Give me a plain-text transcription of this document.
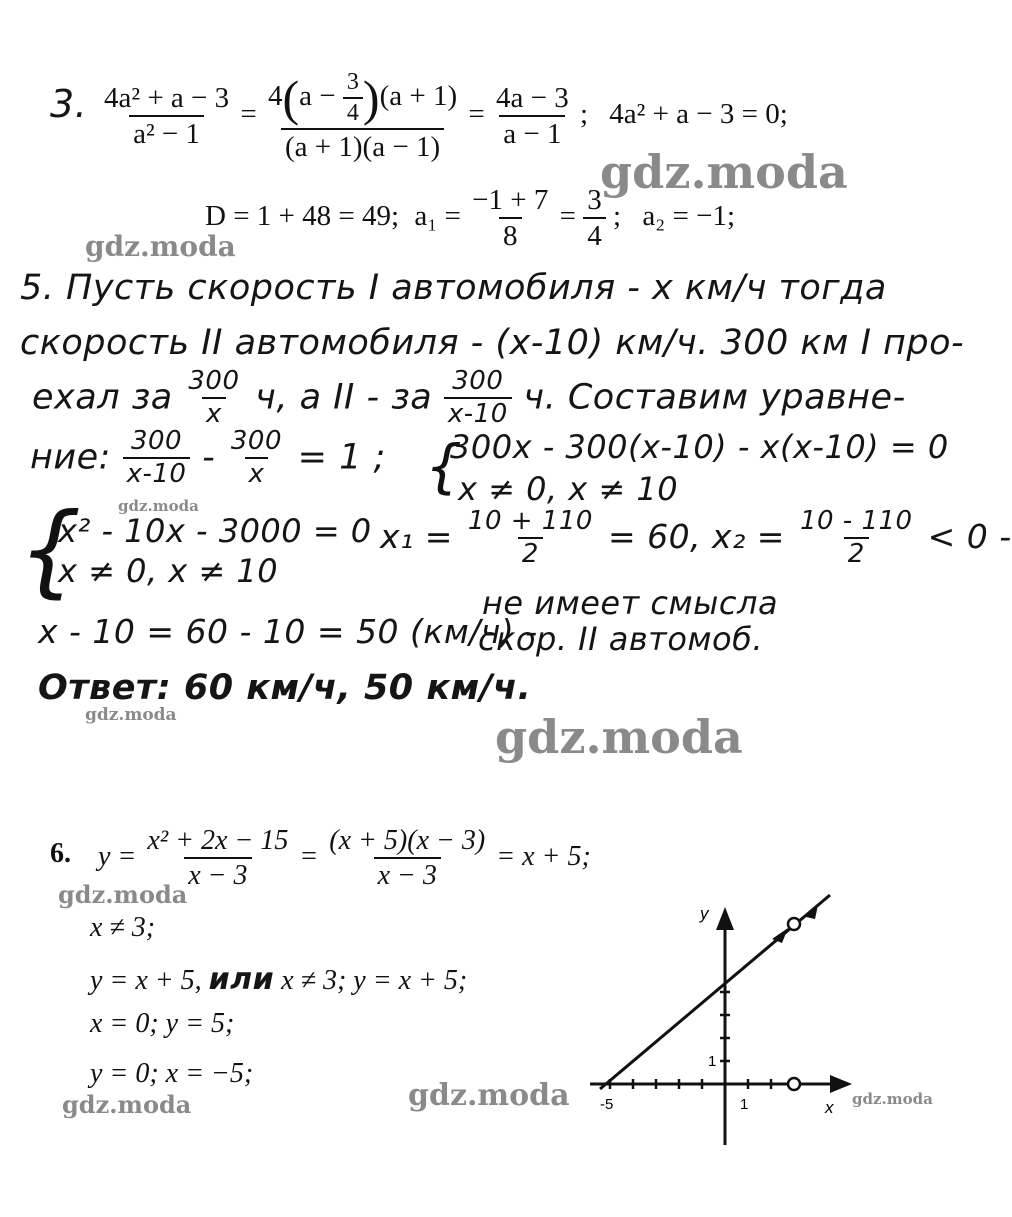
3. $\frac{\text{4a² + a − 3}}{\text{a² − 1}} = \frac{4(a - \frac{3}{4} )(a + 1)}{(a + 1)(a - 1)} = \frac{4a - 3}{a - 1}$ ; 4a² + a − 3 = 0;
D = 1 + 48 = 49; $a_1 = \frac{-1 + 7}{8} = \frac{3}{4}$ ; a₂ = −1;
5. Пусть скорость I автомобиля - x км/ч тогда
скорость II автомобиля - (x-10) км/ч. 300 км I про-
ехал за $\frac{300}{x} ч$, а II - за $\frac{300}{x-10} ч$. Составим уравне-
ние: $\frac{300}{x-10} - \frac{300}{x} = 1$ ; {
300x - 300(x-10) - x(x-10) = 0
x ≠ 0, x ≠ 10
{
x² - 10x - 3000 = 0
x ≠ 0, x ≠ 10
$x_1 = \frac{10 + 110}{2} = 60$, $x_2 = \frac{10 - 110}{2} < 0$ -
не имеет смысла
x - 10 = 60 - 10 = 50 (км/ч) -
скор. II автомоб.
Ответ: 60 км/ч, 50 км/ч.
6. $y = \frac{\text{x² + 2x − 15}}{x - 3} = \frac{(x + 5)(x - 3)}{x - 3} = x + 5$;
x ≠ 3;
y = x + 5, или x ≠ 3; y = x + 5;
x = 0; y = 5;
y = 0; x = −5;
y
x
1
1
-5
gdz.moda
gdz.moda
gdz.moda
gdz.moda
gdz.moda
gdz.moda
gdz.moda
gdz.moda
gdz.moda
